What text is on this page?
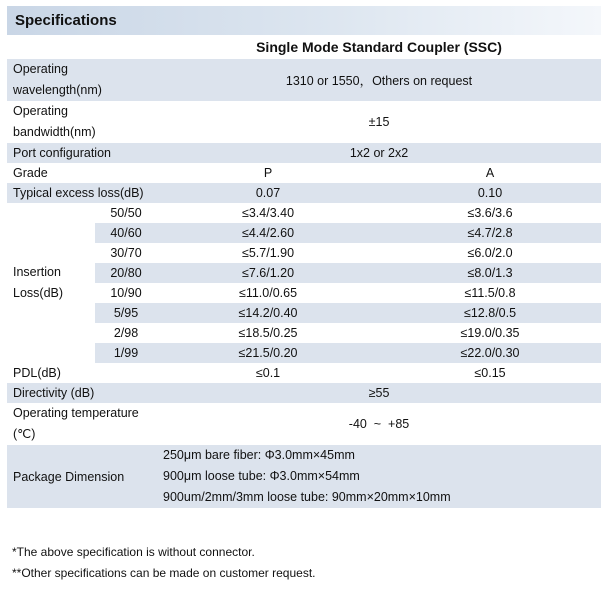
Specifications
Single Mode Standard Coupler (SSC)
Operating wavelength(nm)		1310 or 1550，Others on request	
Operating bandwidth(nm)		±15	
Port configuration		1x2 or 2x2	
Grade		P	A
Typical excess loss(dB)		0.07	0.10

Insertion
Loss(dB)	50/50	≤3.4/3.40	≤3.6/3.6
	40/60	≤4.4/2.60	≤4.7/2.8
	30/70	≤5.7/1.90	≤6.0/2.0
	20/80	≤7.6/1.20	≤8.0/1.3
	10/90	≤11.0/0.65	≤11.5/0.8
	5/95	≤14.2/0.40	≤12.8/0.5
	2/98	≤18.5/0.25	≤19.0/0.35
	1/99	≤21.5/0.20	≤22.0/0.30
PDL(dB)		≤0.1	≤0.15
Directivity (dB)		≥55	

Operating temperature
(℃)		-40  ~  +85	
Package Dimension		250μm bare fiber: Φ3.0mm×45mm
900μm loose tube: Φ3.0mm×54mm
900um/2mm/3mm loose tube: 90mm×20mm×10mm	
*The above specification is without connector.
**Other specifications can be made on customer request.
